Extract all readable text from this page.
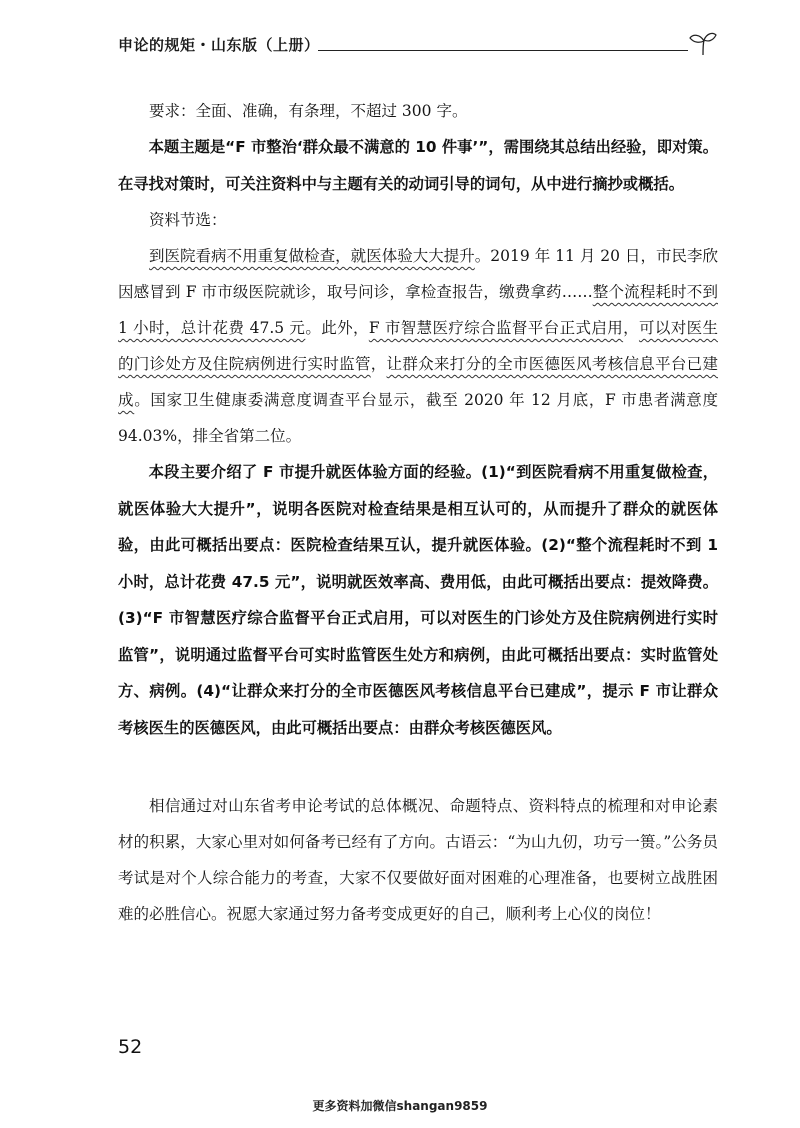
申论的规矩・山东版（上册）

要求：全面、准确，有条理，不超过 300 字。

本题主题是“F 市整治‘群众最不满意的 10 件事’”，需围绕其总结出经验，即对策。在寻找对策时，可关注资料中与主题有关的动词引导的词句，从中进行摘抄或概括。

资料节选：

到医院看病不用重复做检查，就医体验大大提升。2019 年 11 月 20 日，市民李欣因感冒到 F 市市级医院就诊，取号问诊，拿检查报告，缴费拿药……整个流程耗时不到 1 小时，总计花费 47.5 元。此外，F 市智慧医疗综合监督平台正式启用，可以对医生的门诊处方及住院病例进行实时监管，让群众来打分的全市医德医风考核信息平台已建成。国家卫生健康委满意度调查平台显示，截至 2020 年 12 月底，F 市患者满意度 94.03%，排全省第二位。

本段主要介绍了 F 市提升就医体验方面的经验。(1)“到医院看病不用重复做检查，就医体验大大提升”，说明各医院对检查结果是相互认可的，从而提升了群众的就医体验，由此可概括出要点：医院检查结果互认，提升就医体验。(2)“整个流程耗时不到 1 小时，总计花费 47.5 元”，说明就医效率高、费用低，由此可概括出要点：提效降费。(3)“F 市智慧医疗综合监督平台正式启用，可以对医生的门诊处方及住院病例进行实时监管”，说明通过监督平台可实时监管医生处方和病例，由此可概括出要点：实时监管处方、病例。(4)“让群众来打分的全市医德医风考核信息平台已建成”，提示 F 市让群众考核医生的医德医风，由此可概括出要点：由群众考核医德医风。

相信通过对山东省考申论考试的总体概况、命题特点、资料特点的梳理和对申论素材的积累，大家心里对如何备考已经有了方向。古语云：“为山九仞，功亏一篑。”公务员考试是对个人综合能力的考查，大家不仅要做好面对困难的心理准备，也要树立战胜困难的必胜信心。祝愿大家通过努力备考变成更好的自己，顺利考上心仪的岗位！

52
更多资料加微信shangan9859
